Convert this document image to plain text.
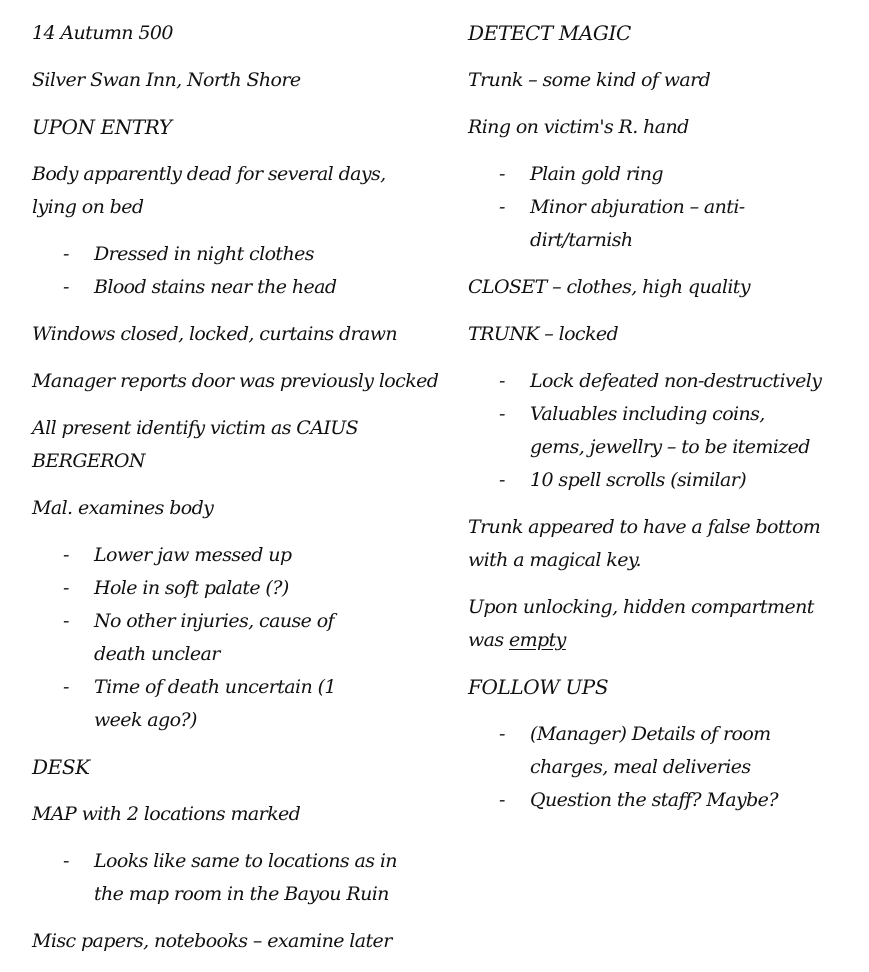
14 Autumn 500
Silver Swan Inn, North Shore
UPON ENTRY
Body apparently dead for several days, lying on bed
- Dressed in night clothes
- Blood stains near the head
Windows closed, locked, curtains drawn
Manager reports door was previously locked
All present identify victim as CAIUS BERGERON
Mal. examines body
- Lower jaw messed up
- Hole in soft palate (?)
- No other injuries, cause of death unclear
- Time of death uncertain (1 week ago?)
DESK
MAP with 2 locations marked
- Looks like same to locations as in the map room in the Bayou Ruin
Misc papers, notebooks – examine later
DETECT MAGIC
Trunk – some kind of ward
Ring on victim's R. hand
- Plain gold ring
- Minor abjuration – anti-dirt/tarnish
CLOSET – clothes, high quality
TRUNK – locked
- Lock defeated non-destructively
- Valuables including coins, gems, jewellry – to be itemized
- 10 spell scrolls (similar)
Trunk appeared to have a false bottom with a magical key.
Upon unlocking, hidden compartment was empty
FOLLOW UPS
- (Manager) Details of room charges, meal deliveries
- Question the staff? Maybe?
